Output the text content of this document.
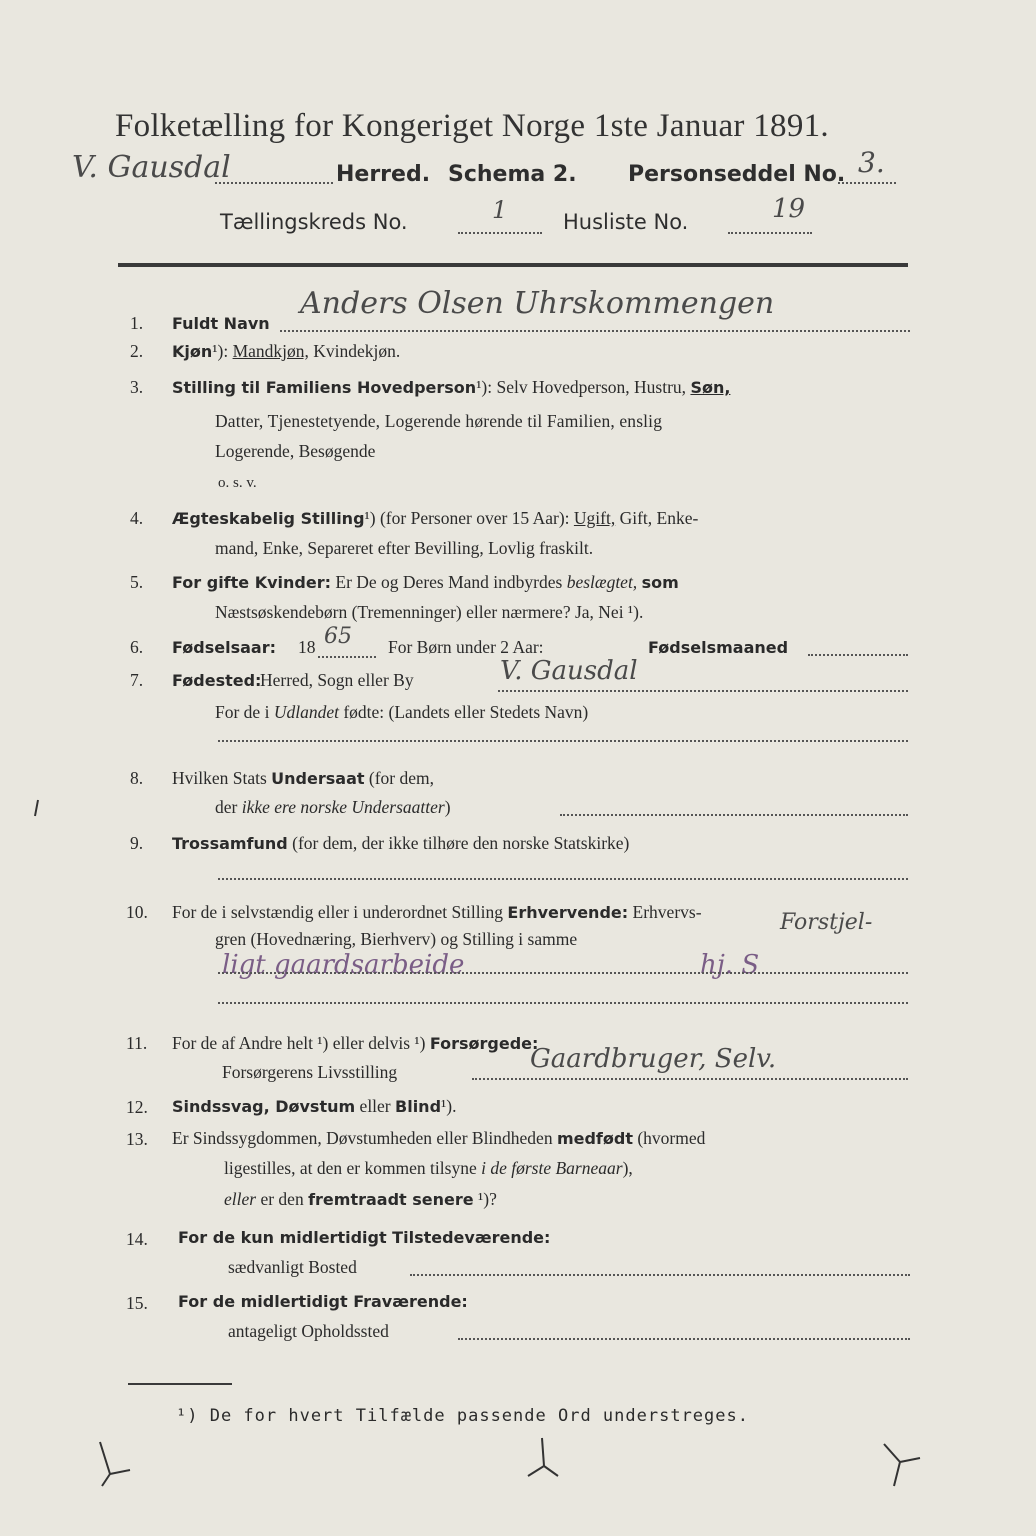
Folketælling for Kongeriget Norge 1ste Januar 1891.
V. Gausdal	Herred. Schema 2. Personseddel No. 3.
Tællingskreds No.	1	Husliste No.	19
1. Fuldt Navn
Anders Olsen Uhrskommengen
2. Kjøn¹): Mandkjøn, Kvindekjøn.
3. Stilling til Familiens Hovedperson¹): Selv Hovedperson, Hustru, Søn,
Datter, Tjenestetyende, Logerende hørende til Familien, enslig
Logerende, Besøgende
o. s. v.
4. Ægteskabelig Stilling¹) (for Personer over 15 Aar): Ugift, Gift, Enke-
mand, Enke, Separeret efter Bevilling, Lovlig fraskilt.
5. For gifte Kvinder: Er De og Deres Mand indbyrdes beslægtet, som
Næstsøskendebørn (Tremenninger) eller nærmere? Ja, Nei ¹).
6. Fødselsaar: 18 65 For Børn under 2 Aar:	Fødselsmaaned
7. Fødested:
Herred, Sogn eller By	V. Gausdal
For de i Udlandet fødte: (Landets eller Stedets Navn)
8. Hvilken Stats Undersaat (for dem,
der ikke ere norske Undersaatter)
9. Trossamfund (for dem, der ikke tilhøre den norske Statskirke)
10. For de i selvstændig eller i underordnet Stilling Erhvervende: Erhvervs-
gren (Hovednæring, Bierhverv) og Stilling i samme
Forstjel-
ligt gaardsarbeide	hj. S
11. For de af Andre helt ¹) eller delvis ¹) Forsørgede:
Forsørgerens Livsstilling	Gaardbruger, Selv.
12. Sindssvag, Døvstum eller Blind¹).
13. Er Sindssygdommen, Døvstumheden eller Blindheden medfødt (hvormed
ligestilles, at den er kommen tilsyne i de første Barneaar),
eller er den fremtraadt senere ¹)?
14. For de kun midlertidigt Tilstedeværende:
sædvanligt Bosted
15. For de midlertidigt Fraværende:
antageligt Opholdssted
¹) De for hvert Tilfælde passende Ord understreges.
